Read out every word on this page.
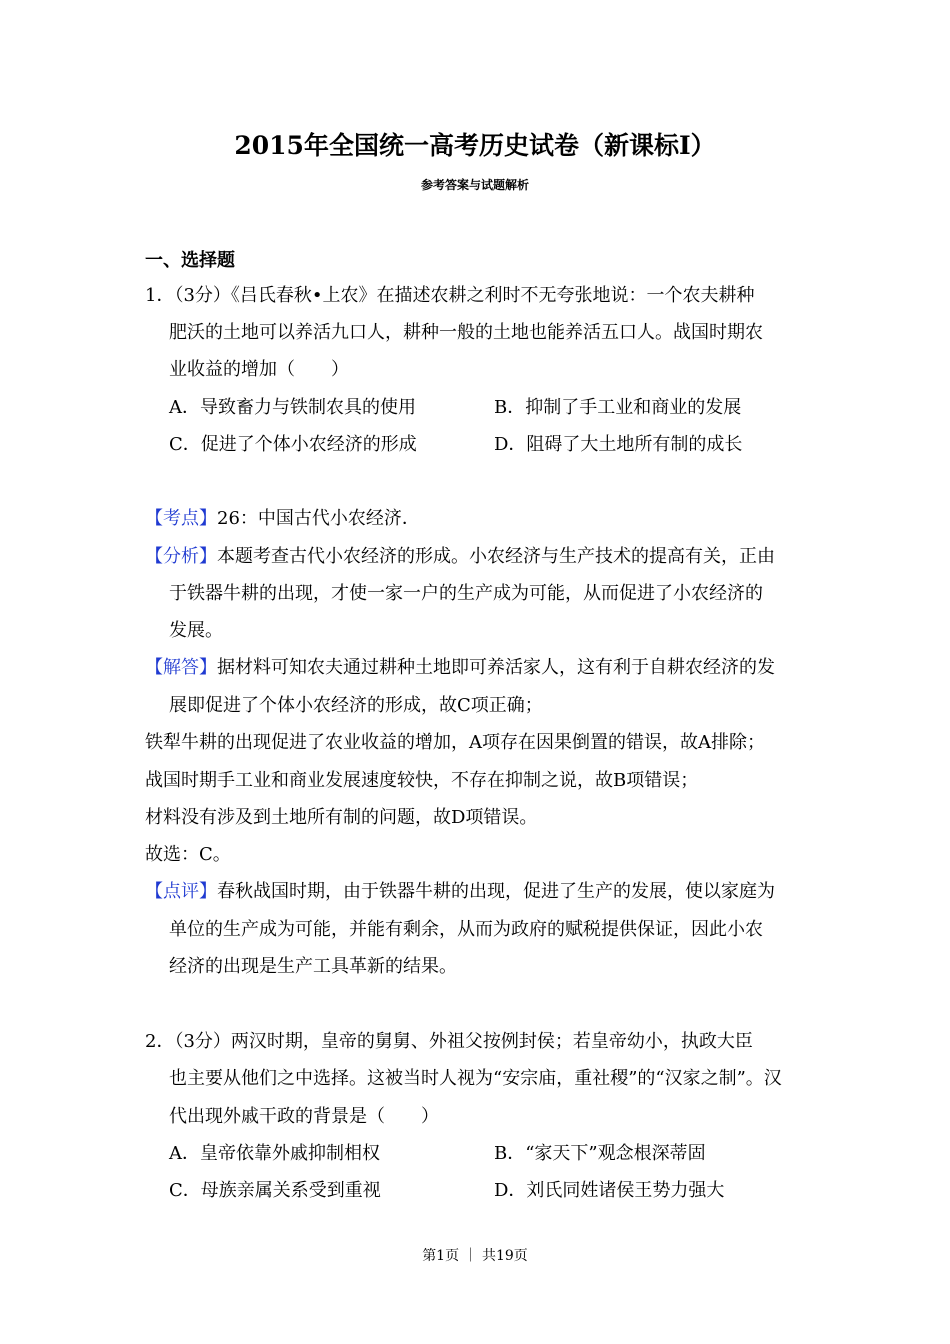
2015年全国统一高考历史试卷（新课标I）
参考答案与试题解析
一、选择题
1．（3分）《吕氏春秋•上农》在描述农耕之利时不无夸张地说：一个农夫耕种
肥沃的土地可以养活九口人，耕种一般的土地也能养活五口人。战国时期农
业收益的增加（　　）
A．导致畜力与铁制农具的使用	B．抑制了手工业和商业的发展
C．促进了个体小农经济的形成	D．阻碍了大土地所有制的成长
【考点】26：中国古代小农经济．
【分析】本题考查古代小农经济的形成。小农经济与生产技术的提高有关，正由
于铁器牛耕的出现，才使一家一户的生产成为可能，从而促进了小农经济的
发展。
【解答】据材料可知农夫通过耕种土地即可养活家人，这有利于自耕农经济的发
展即促进了个体小农经济的形成，故C项正确；
铁犁牛耕的出现促进了农业收益的增加，A项存在因果倒置的错误，故A排除；
战国时期手工业和商业发展速度较快，不存在抑制之说，故B项错误；
材料没有涉及到土地所有制的问题，故D项错误。
故选：C。
【点评】春秋战国时期，由于铁器牛耕的出现，促进了生产的发展，使以家庭为
单位的生产成为可能，并能有剩余，从而为政府的赋税提供保证，因此小农
经济的出现是生产工具革新的结果。
2．（3分）两汉时期，皇帝的舅舅、外祖父按例封侯；若皇帝幼小，执政大臣
也主要从他们之中选择。这被当时人视为“安宗庙，重社稷”的“汉家之制”。汉
代出现外戚干政的背景是（　　）
A．皇帝依靠外戚抑制相权	B．“家天下”观念根深蒂固
C．母族亲属关系受到重视	D．刘氏同姓诸侯王势力强大
第1页 ｜ 共19页
